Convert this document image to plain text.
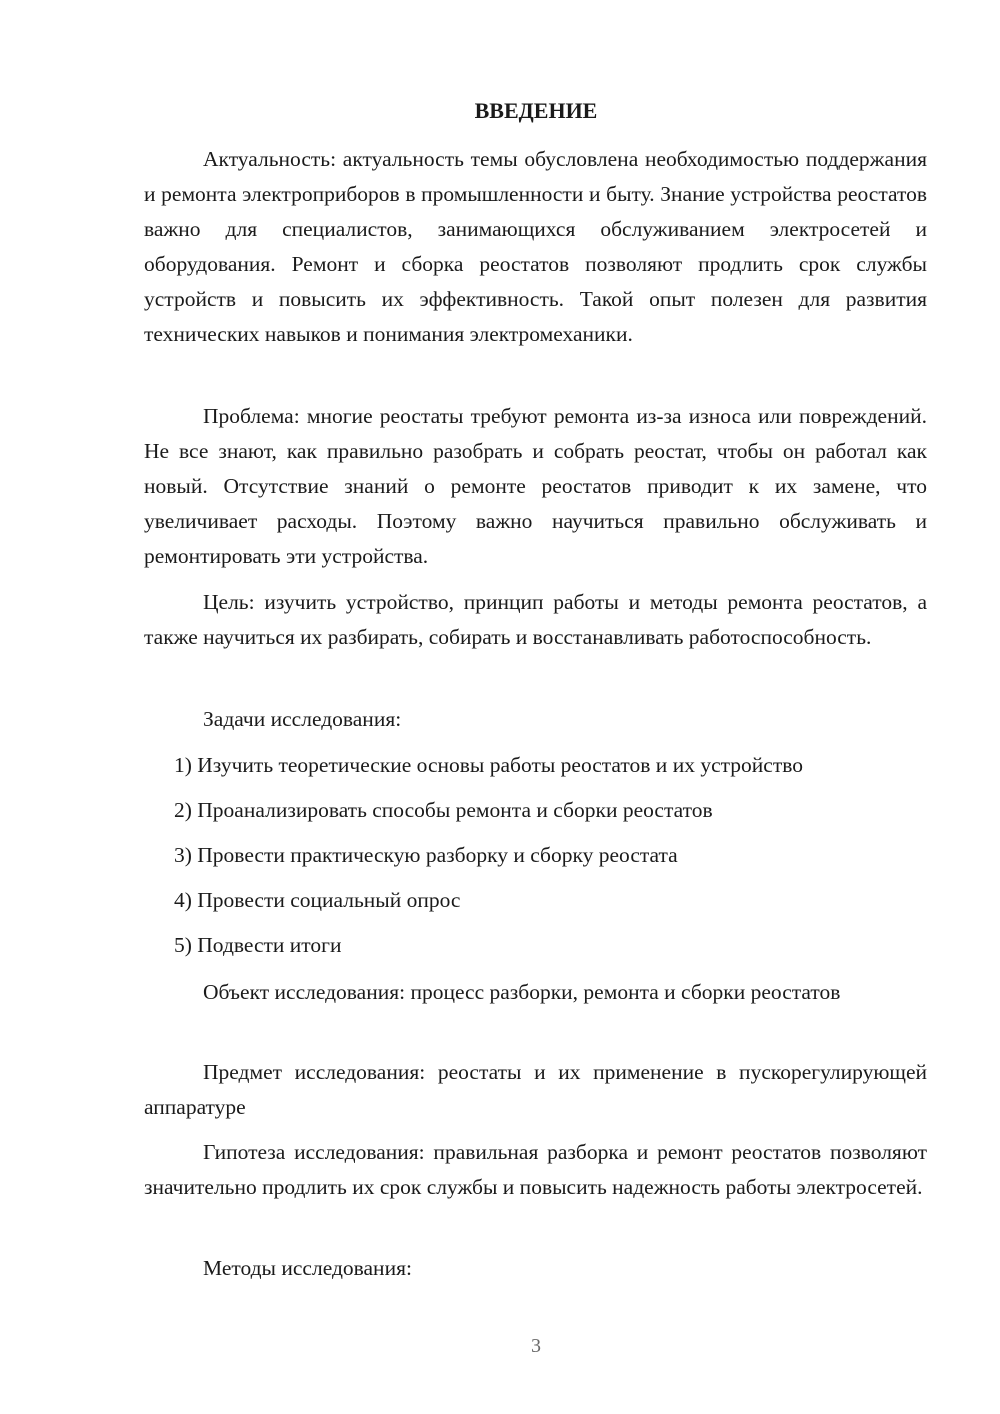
ВВЕДЕНИЕ

Актуальность: актуальность темы обусловлена необходимостью поддержания и ремонта электроприборов в промышленности и быту. Знание устройства реостатов важно для специалистов, занимающихся обслуживанием электросетей и оборудования. Ремонт и сборка реостатов позволяют продлить срок службы устройств и повысить их эффективность. Такой опыт полезен для развития технических навыков и понимания электромеханики.

Проблема: многие реостаты требуют ремонта из-за износа или повреждений. Не все знают, как правильно разобрать и собрать реостат, чтобы он работал как новый. Отсутствие знаний о ремонте реостатов приводит к их замене, что увеличивает расходы. Поэтому важно научиться правильно обслуживать и ремонтировать эти устройства.

Цель: изучить устройство, принцип работы и методы ремонта реостатов, а также научиться их разбирать, собирать и восстанавливать работоспособность.

Задачи исследования:

1) Изучить теоретические основы работы реостатов и их устройство

2) Проанализировать способы ремонта и сборки реостатов

3) Провести практическую разборку и сборку реостата

4) Провести социальный опрос

5) Подвести итоги

Объект исследования: процесс разборки, ремонта и сборки реостатов

Предмет исследования: реостаты и их применение в пускорегулирующей аппаратуре

Гипотеза исследования: правильная разборка и ремонт реостатов позволяют значительно продлить их срок службы и повысить надежность работы электросетей.

Методы исследования:

3
